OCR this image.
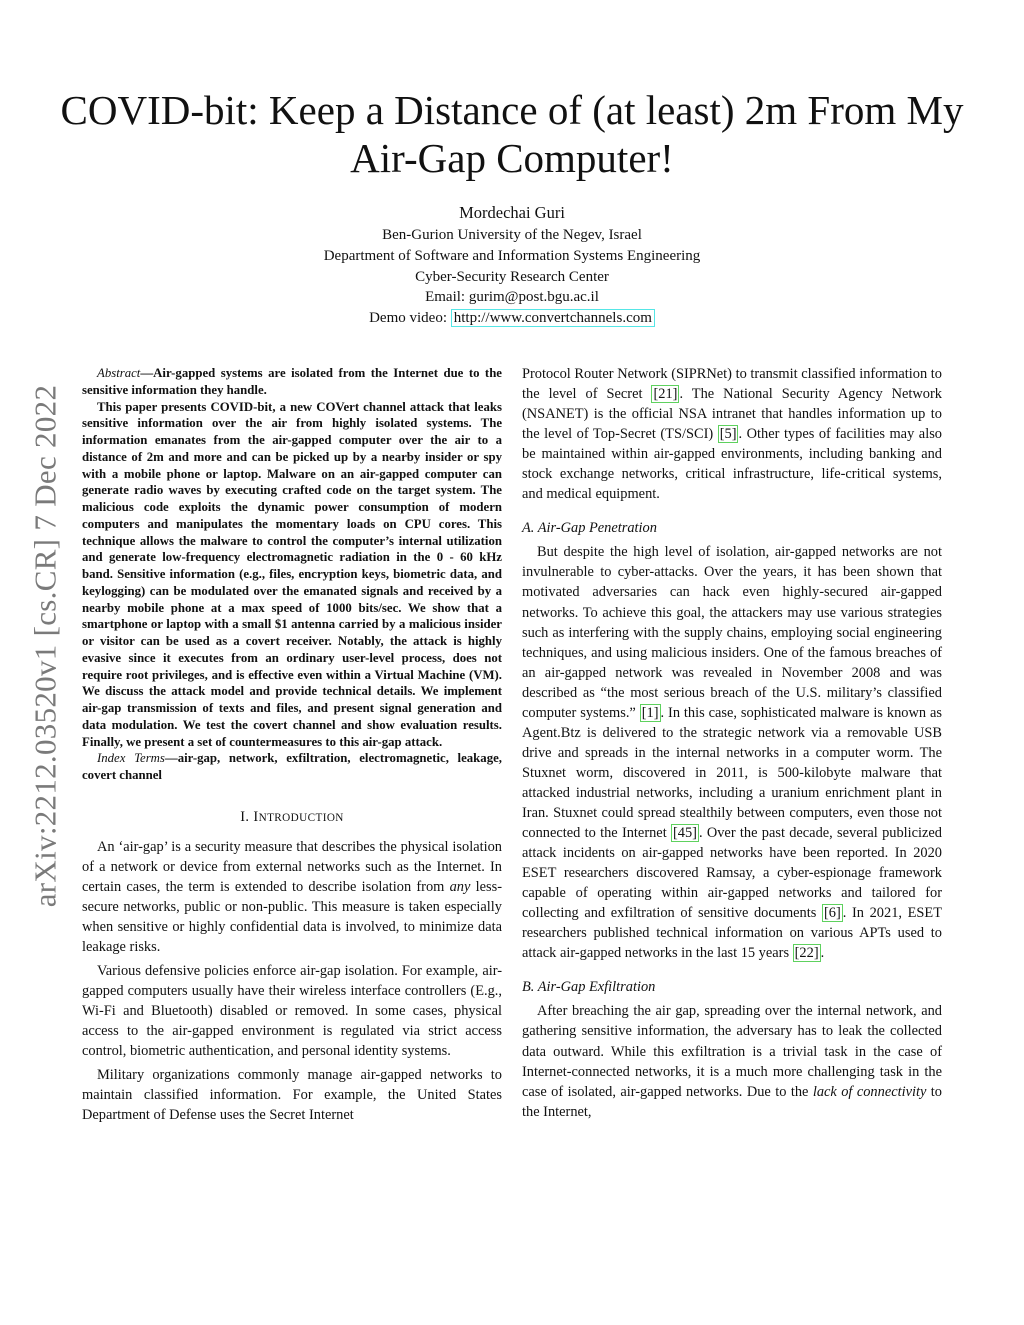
arXiv:2212.03520v1 [cs.CR] 7 Dec 2022
COVID-bit: Keep a Distance of (at least) 2m From My Air-Gap Computer!
Mordechai Guri
Ben-Gurion University of the Negev, Israel
Department of Software and Information Systems Engineering
Cyber-Security Research Center
Email: gurim@post.bgu.ac.il
Demo video: http://www.convertchannels.com

Abstract—Air-gapped systems are isolated from the Internet due to the sensitive information they handle.

This paper presents COVID-bit, a new COVert channel attack that leaks sensitive information over the air from highly isolated systems. The information emanates from the air-gapped computer over the air to a distance of 2m and more and can be picked up by a nearby insider or spy with a mobile phone or laptop. Malware on an air-gapped computer can generate radio waves by executing crafted code on the target system. The malicious code exploits the dynamic power consumption of modern computers and manipulates the momentary loads on CPU cores. This technique allows the malware to control the computer’s internal utilization and generate low-frequency electromagnetic radiation in the 0 - 60 kHz band. Sensitive information (e.g., files, encryption keys, biometric data, and keylogging) can be modulated over the emanated signals and received by a nearby mobile phone at a max speed of 1000 bits/sec. We show that a smartphone or laptop with a small $1 antenna carried by a malicious insider or visitor can be used as a covert receiver. Notably, the attack is highly evasive since it executes from an ordinary user-level process, does not require root privileges, and is effective even within a Virtual Machine (VM). We discuss the attack model and provide technical details. We implement air-gap transmission of texts and files, and present signal generation and data modulation. We test the covert channel and show evaluation results. Finally, we present a set of countermeasures to this air-gap attack.

Index Terms—air-gap, network, exfiltration, electromagnetic, leakage, covert channel

I. INTRODUCTION

An ‘air-gap’ is a security measure that describes the physical isolation of a network or device from external networks such as the Internet. In certain cases, the term is extended to describe isolation from any less-secure networks, public or non-public. This measure is taken especially when sensitive or highly confidential data is involved, to minimize data leakage risks.

Various defensive policies enforce air-gap isolation. For example, air-gapped computers usually have their wireless interface controllers (E.g., Wi-Fi and Bluetooth) disabled or removed. In some cases, physical access to the air-gapped environment is regulated via strict access control, biometric authentication, and personal identity systems.

Military organizations commonly manage air-gapped networks to maintain classified information. For example, the United States Department of Defense uses the Secret Internet

Protocol Router Network (SIPRNet) to transmit classified information to the level of Secret [21] . The National Security Agency Network (NSANET) is the official NSA intranet that handles information up to the level of Top-Secret (TS/SCI) [5] . Other types of facilities may also be maintained within air-gapped environments, including banking and stock exchange networks, critical infrastructure, life-critical systems, and medical equipment.

A. Air-Gap Penetration

But despite the high level of isolation, air-gapped networks are not invulnerable to cyber-attacks. Over the years, it has been shown that motivated adversaries can hack even highly-secured air-gapped networks. To achieve this goal, the attackers may use various strategies such as interfering with the supply chains, employing social engineering techniques, and using malicious insiders. One of the famous breaches of an air-gapped network was revealed in November 2008 and was described as “the most serious breach of the U.S. military’s classified computer systems.” [1] . In this case, sophisticated malware is known as Agent.Btz is delivered to the strategic network via a removable USB drive and spreads in the internal networks in a computer worm. The Stuxnet worm, discovered in 2011, is 500-kilobyte malware that attacked industrial networks, including a uranium enrichment plant in Iran. Stuxnet could spread stealthily between computers, even those not connected to the Internet [45] . Over the past decade, several publicized attack incidents on air-gapped networks have been reported. In 2020 ESET researchers discovered Ramsay, a cyber-espionage framework capable of operating within air-gapped networks and tailored for collecting and exfiltration of sensitive documents [6] . In 2021, ESET researchers published technical information on various APTs used to attack air-gapped networks in the last 15 years [22] .

B. Air-Gap Exfiltration

After breaching the air gap, spreading over the internal network, and gathering sensitive information, the adversary has to leak the collected data outward. While this exfiltration is a trivial task in the case of Internet-connected networks, it is a much more challenging task in the case of isolated, air-gapped networks. Due to the lack of connectivity to the Internet,
